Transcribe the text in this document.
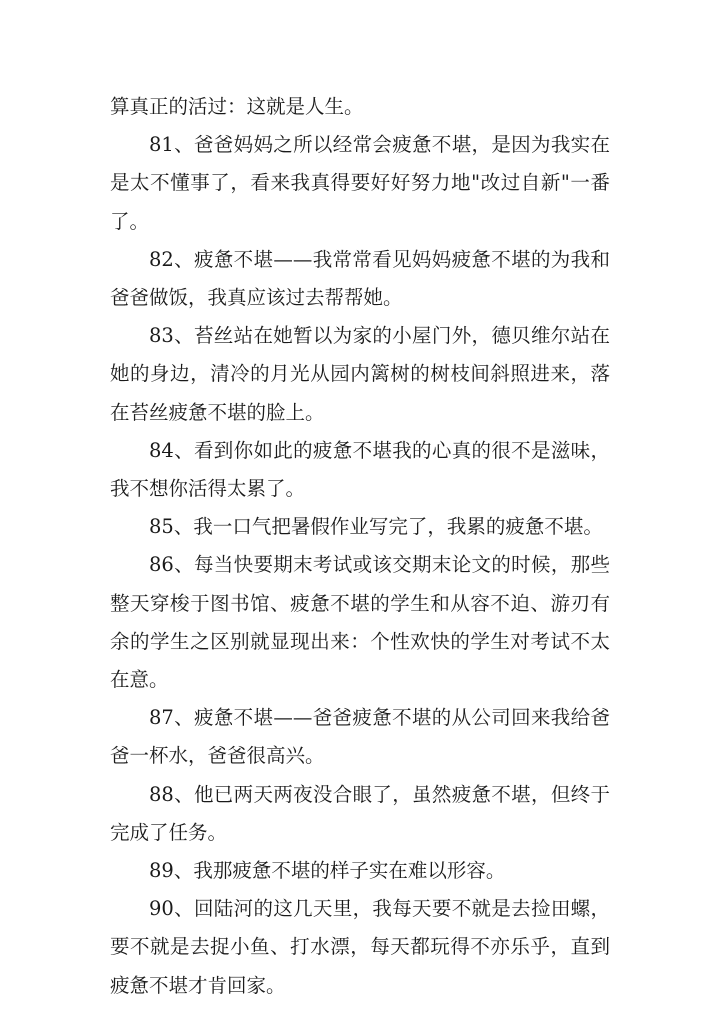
算真正的活过：这就是人生。

81、爸爸妈妈之所以经常会疲惫不堪，是因为我实在是太不懂事了，看来我真得要好好努力地"改过自新"一番了。

82、疲惫不堪——我常常看见妈妈疲惫不堪的为我和爸爸做饭，我真应该过去帮帮她。

83、苔丝站在她暂以为家的小屋门外，德贝维尔站在她的身边，清冷的月光从园内篱树的树枝间斜照进来，落在苔丝疲惫不堪的脸上。

84、看到你如此的疲惫不堪我的心真的很不是滋味，我不想你活得太累了。

85、我一口气把暑假作业写完了，我累的疲惫不堪。

86、每当快要期末考试或该交期末论文的时候，那些整天穿梭于图书馆、疲惫不堪的学生和从容不迫、游刃有余的学生之区别就显现出来：个性欢快的学生对考试不太在意。

87、疲惫不堪——爸爸疲惫不堪的从公司回来我给爸爸一杯水，爸爸很高兴。

88、他已两天两夜没合眼了，虽然疲惫不堪，但终于完成了任务。

89、我那疲惫不堪的样子实在难以形容。

90、回陆河的这几天里，我每天要不就是去捡田螺，要不就是去捉小鱼、打水漂，每天都玩得不亦乐乎，直到疲惫不堪才肯回家。
